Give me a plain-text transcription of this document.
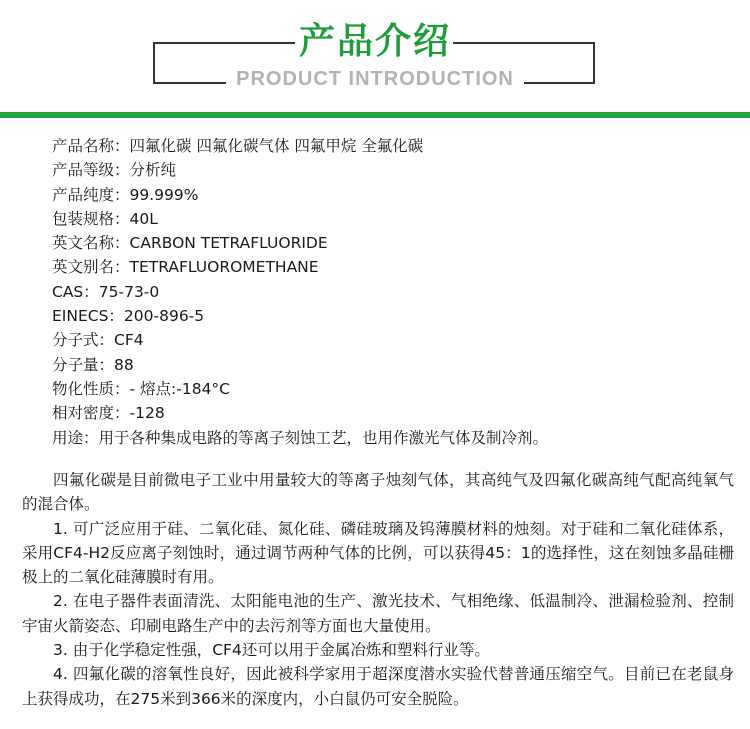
产品介绍
PRODUCT INTRODUCTION
产品名称：四氟化碳 四氟化碳气体 四氟甲烷 全氟化碳
产品等级：分析纯
产品纯度：99.999%
包装规格：40L
英文名称：CARBON TETRAFLUORIDE
英文别名：TETRAFLUOROMETHANE
CAS：75-73-0
EINECS：200-896-5
分子式：CF4
分子量：88
物化性质：- 熔点:-184°C
相对密度：-128
用途：用于各种集成电路的等离子刻蚀工艺，也用作激光气体及制冷剂。

四氟化碳是目前微电子工业中用量较大的等离子烛刻气体，其高纯气及四氟化碳高纯气配高纯氧气的混合体。

1. 可广泛应用于硅、二氧化硅、氮化硅、磷硅玻璃及钨薄膜材料的烛刻。对于硅和二氧化硅体系，采用CF4-H2反应离子刻蚀时，通过调节两种气体的比例，可以获得45：1的选择性，这在刻蚀多晶硅栅极上的二氧化硅薄膜时有用。

2. 在电子器件表面清洗、太阳能电池的生产、激光技术、气相绝缘、低温制冷、泄漏检验剂、控制宇宙火箭姿态、印刷电路生产中的去污剂等方面也大量使用。

3. 由于化学稳定性强，CF4还可以用于金属冶炼和塑料行业等。

4. 四氟化碳的溶氧性良好，因此被科学家用于超深度潜水实验代替普通压缩空气。目前已在老鼠身上获得成功，在275米到366米的深度内，小白鼠仍可安全脱险。
